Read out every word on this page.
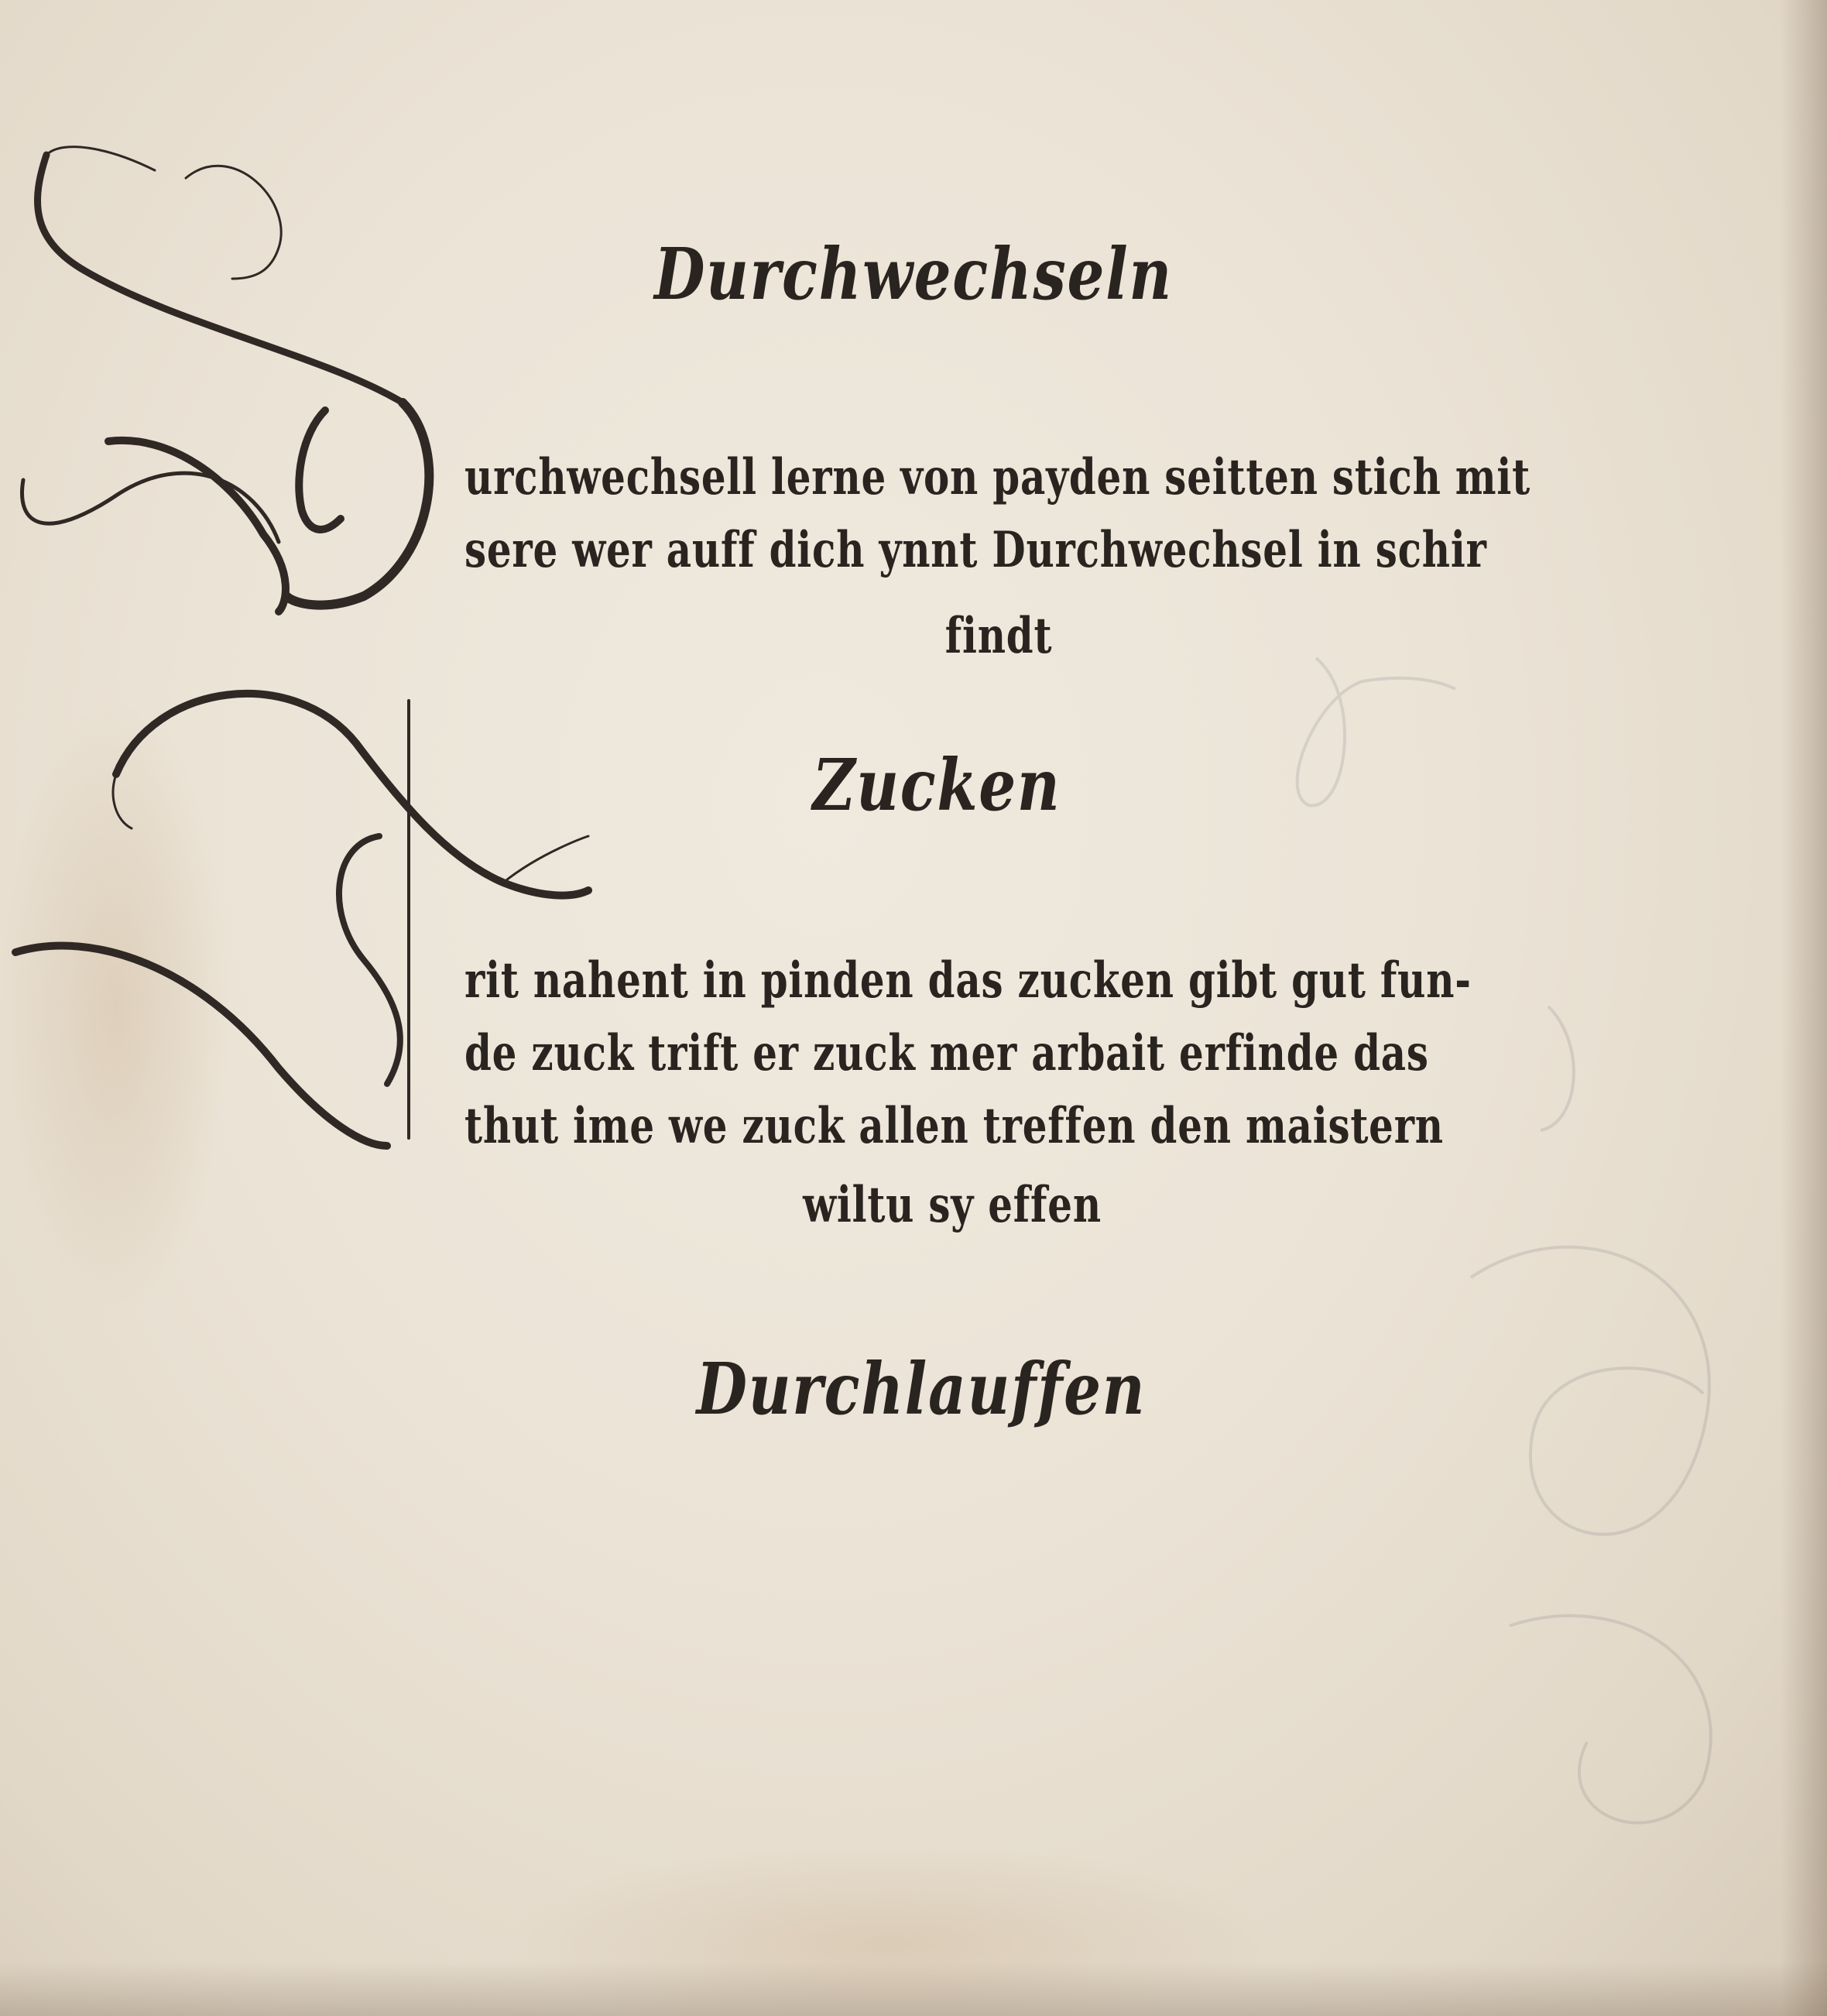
Durchwechseln
urchwechsell lerne von payden seitten stich mit
sere wer auff dich ynnt Durchwechsel in schir
findt
Zucken
rit nahent in pinden das zucken gibt gut fun-
de zuck trift er zuck mer arbait erfinde das
thut ime we zuck allen treffen den maistern
wiltu sy effen
Durchlauffen
